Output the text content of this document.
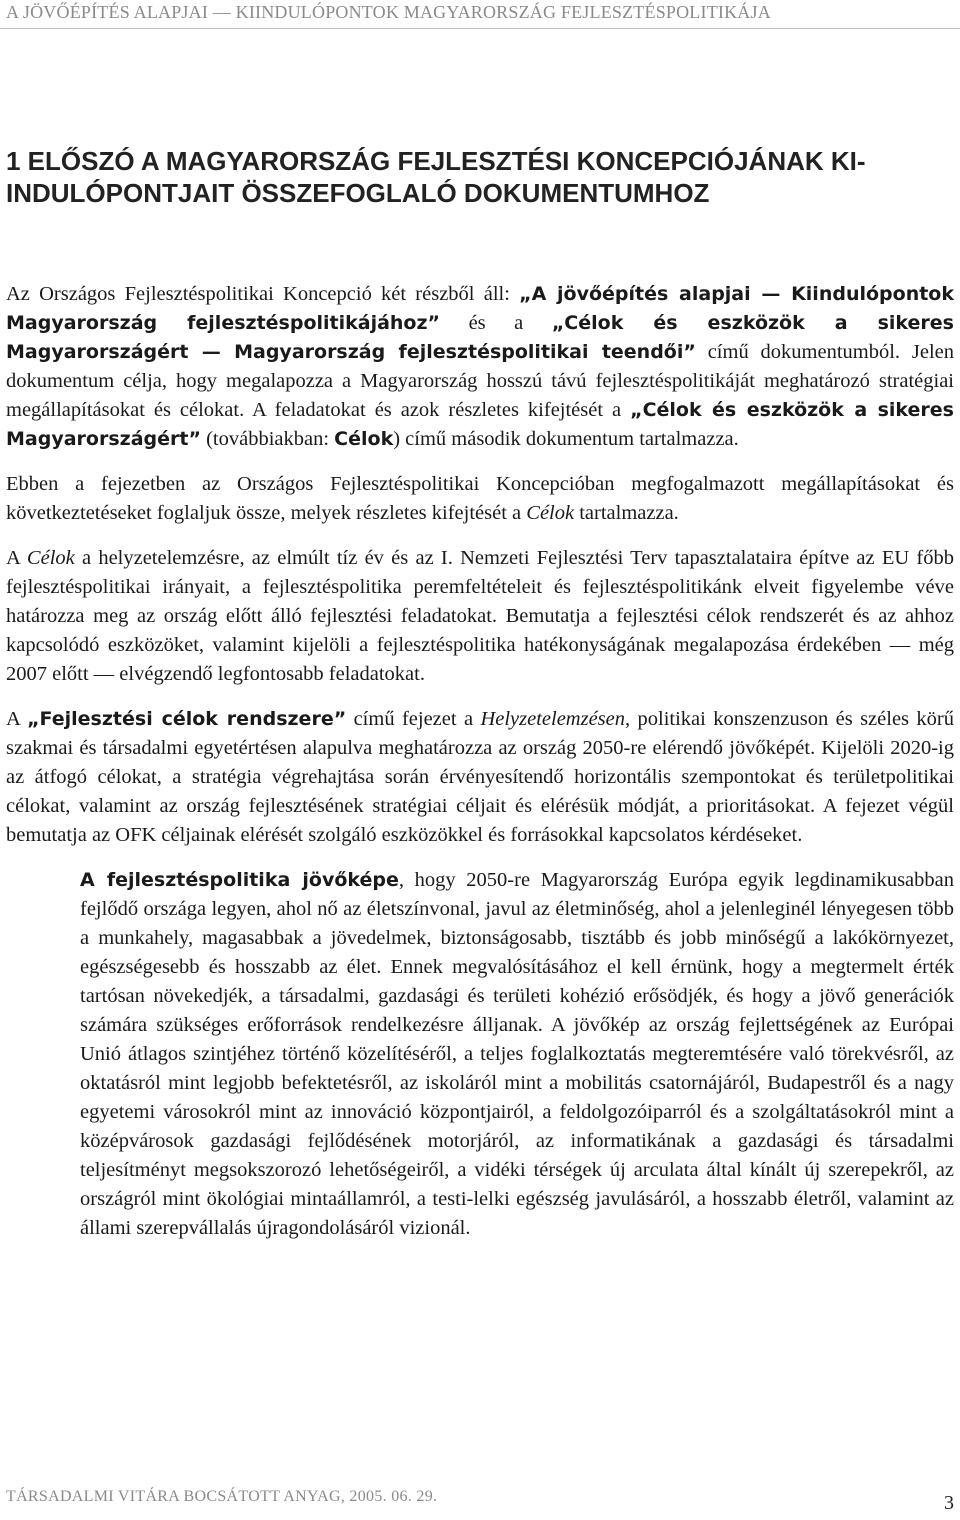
A JÖVŐÉPÍTÉS ALAPJAI — KIINDULÓPONTOK MAGYARORSZÁG FEJLESZTÉSPOLITIKÁJA
1 ELŐSZÓ A MAGYARORSZÁG FEJLESZTÉSI KONCEPCIÓJÁNAK KI-INDULÓPONTJAIT ÖSSZEFOGLALÓ DOKUMENTUMHOZ

Az Országos Fejlesztéspolitikai Koncepció két részből áll: „A jövőépítés alapjai — Kiindulópontok Magyarország fejlesztéspolitikájához” és a „Célok és eszközök a sikeres Magyarországért — Magyarország fejlesztéspolitikai teendői” című dokumentumból. Jelen dokumentum célja, hogy megalapozza a Magyarország hosszú távú fejlesztéspolitikáját meghatározó stratégiai megállapításokat és célokat. A feladatokat és azok részletes kifejtését a „Célok és eszközök a sikeres Magyarországért” (továbbiakban: Célok) című második dokumentum tartalmazza.

Ebben a fejezetben az Országos Fejlesztéspolitikai Koncepcióban megfogalmazott megállapításokat és következtetéseket foglaljuk össze, melyek részletes kifejtését a Célok tartalmazza.

A Célok a helyzetelemzésre, az elmúlt tíz év és az I. Nemzeti Fejlesztési Terv tapasztalataira építve az EU főbb fejlesztéspolitikai irányait, a fejlesztéspolitika peremfeltételeit és fejlesztéspolitikánk elveit figyelembe véve határozza meg az ország előtt álló fejlesztési feladatokat. Bemutatja a fejlesztési célok rendszerét és az ahhoz kapcsolódó eszközöket, valamint kijelöli a fejlesztéspolitika hatékonyságának megalapozása érdekében — még 2007 előtt — elvégzendő legfontosabb feladatokat.

A „Fejlesztési célok rendszere” című fejezet a Helyzetelemzésen, politikai konszenzuson és széles körű szakmai és társadalmi egyetértésen alapulva meghatározza az ország 2050-re elérendő jövőképét. Kijelöli 2020-ig az átfogó célokat, a stratégia végrehajtása során érvényesítendő horizontális szempontokat és területpolitikai célokat, valamint az ország fejlesztésének stratégiai céljait és elérésük módját, a prioritásokat. A fejezet végül bemutatja az OFK céljainak elérését szolgáló eszközökkel és forrásokkal kapcsolatos kérdéseket.

A fejlesztéspolitika jövőképe, hogy 2050-re Magyarország Európa egyik legdinamikusabban fejlődő országa legyen, ahol nő az életszínvonal, javul az életminőség, ahol a jelenleginél lényegesen több a munkahely, magasabbak a jövedelmek, biztonságosabb, tisztább és jobb minőségű a lakókörnyezet, egészségesebb és hosszabb az élet. Ennek megvalósításához el kell érnünk, hogy a megtermelt érték tartósan növekedjék, a társadalmi, gazdasági és területi kohézió erősödjék, és hogy a jövő generációk számára szükséges erőforrások rendelkezésre álljanak. A jövőkép az ország fejlettségének az Európai Unió átlagos szintjéhez történő közelítéséről, a teljes foglalkoztatás megteremtésére való törekvésről, az oktatásról mint legjobb befektetésről, az iskoláról mint a mobilitás csatornájáról, Budapestről és a nagy egyetemi városokról mint az innováció központjairól, a feldolgozóiparról és a szolgáltatásokról mint a középvárosok gazdasági fejlődésének motorjáról, az informatikának a gazdasági és társadalmi teljesítményt megsokszorozó lehetőségeiről, a vidéki térségek új arculata által kínált új szerepekről, az országról mint ökológiai mintaállamról, a testi-lelki egészség javulásáról, a hosszabb életről, valamint az állami szerepvállalás újragondolásáról vizionál.

TÁRSADALMI VITÁRA BOCSÁTOTT ANYAG, 2005. 06. 29.	3
